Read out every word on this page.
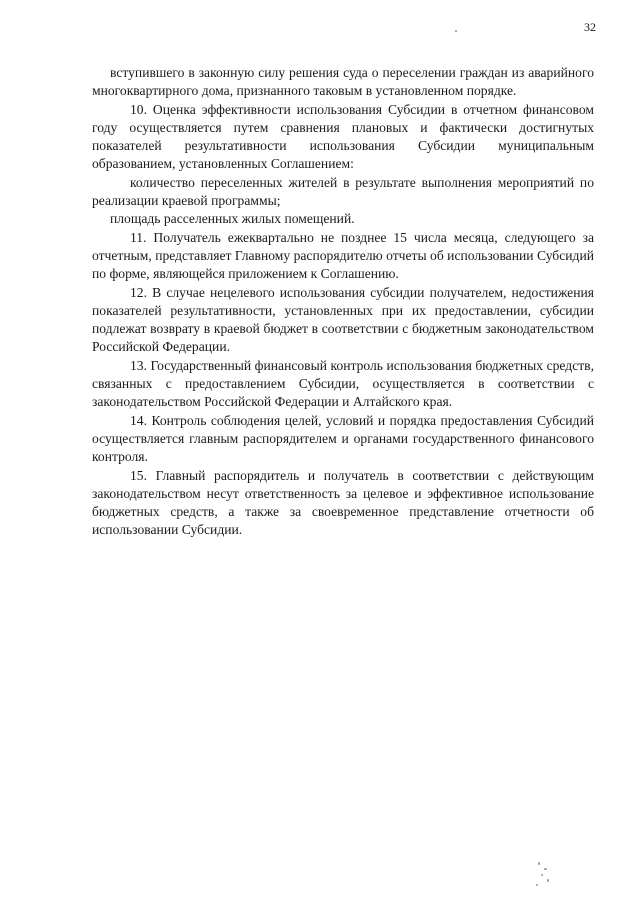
32

вступившего в законную силу решения суда о переселении граждан из аварийного многоквартирного дома, признанного таковым в установленном порядке.

10. Оценка эффективности использования Субсидии в отчетном финансовом году осуществляется путем сравнения плановых и фактически достигнутых показателей результативности использования Субсидии муниципальным образованием, установленных Соглашением:

количество переселенных жителей в результате выполнения мероприятий по реализации краевой программы;

площадь расселенных жилых помещений.

11. Получатель ежеквартально не позднее 15 числа месяца, следующего за отчетным, представляет Главному распорядителю отчеты об использовании Субсидий по форме, являющейся приложением к Соглашению.

12. В случае нецелевого использования субсидии получателем, недостижения показателей результативности, установленных при их предоставлении, субсидии подлежат возврату в краевой бюджет в соответствии с бюджетным законодательством Российской Федерации.

13. Государственный финансовый контроль использования бюджетных средств, связанных с предоставлением Субсидии, осуществляется в соответствии с законодательством Российской Федерации и Алтайского края.

14. Контроль соблюдения целей, условий и порядка предоставления Субсидий осуществляется главным распорядителем и органами государственного финансового контроля.

15. Главный распорядитель и получатель в соответствии с действующим законодательством несут ответственность за целевое и эффективное использование бюджетных средств, а также за своевременное представление отчетности об использовании Субсидии.
